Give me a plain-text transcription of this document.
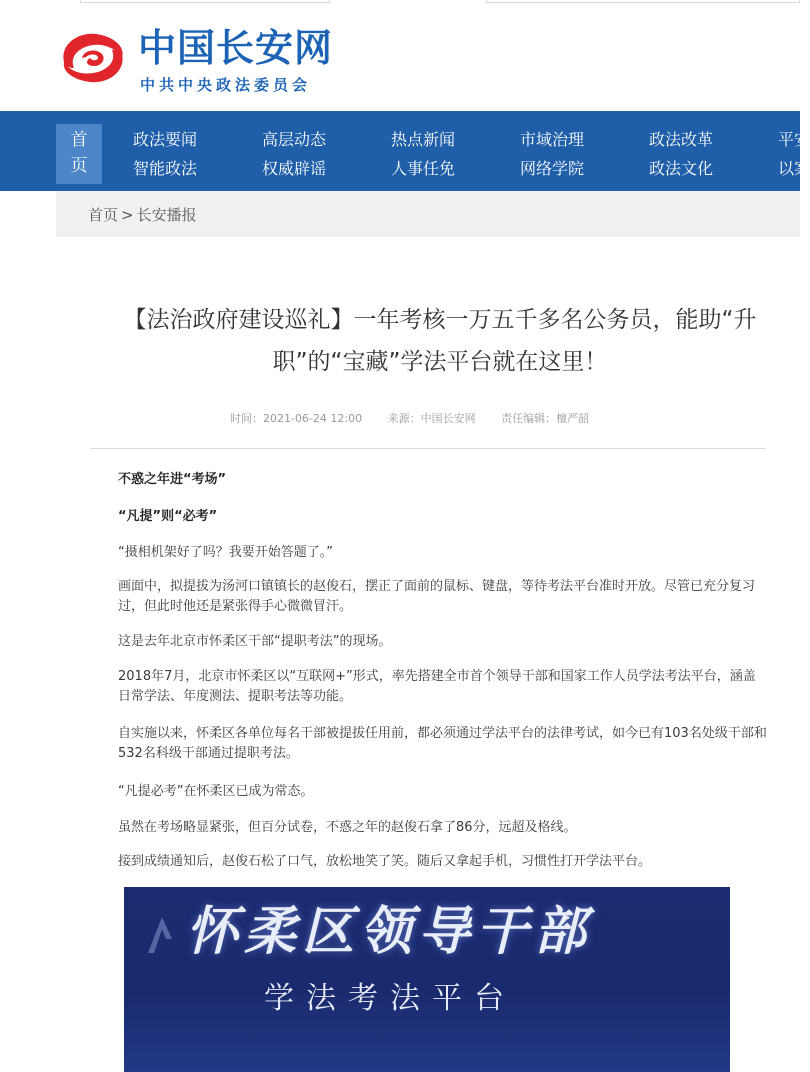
中国长安网
中共中央政法委员会
首
页
政法要闻
智能政法
高层动态
权威辟谣
热点新闻
人事任免
市域治理
网络学院
政法改革
政法文化
平安
以案
首页 > 长安播报
【法治政府建设巡礼】一年考核一万五千多名公务员，能助“升职”的“宝藏”学法平台就在这里！
时间：2021-06-24 12:00 来源：中国长安网 责任编辑：檀严韶
不惑之年进“考场”
“凡提”则“必考”
“摄相机架好了吗？我要开始答题了。”
画面中，拟提拔为汤河口镇镇长的赵俊石，摆正了面前的鼠标、键盘，等待考法平台准时开放。尽管已充分复习过，但此时他还是紧张得手心微微冒汗。
这是去年北京市怀柔区干部“提职考法”的现场。
2018年7月，北京市怀柔区以“互联网+”形式，率先搭建全市首个领导干部和国家工作人员学法考法平台，涵盖日常学法、年度测法、提职考法等功能。
自实施以来，怀柔区各单位每名干部被提拔任用前，都必须通过学法平台的法律考试，如今已有103名处级干部和532名科级干部通过提职考法。
“凡提必考”在怀柔区已成为常态。
虽然在考场略显紧张，但百分试卷，不惑之年的赵俊石拿了86分，远超及格线。
接到成绩通知后，赵俊石松了口气，放松地笑了笑。随后又拿起手机，习惯性打开学法平台。
怀柔区领导干部
学法考法平台
